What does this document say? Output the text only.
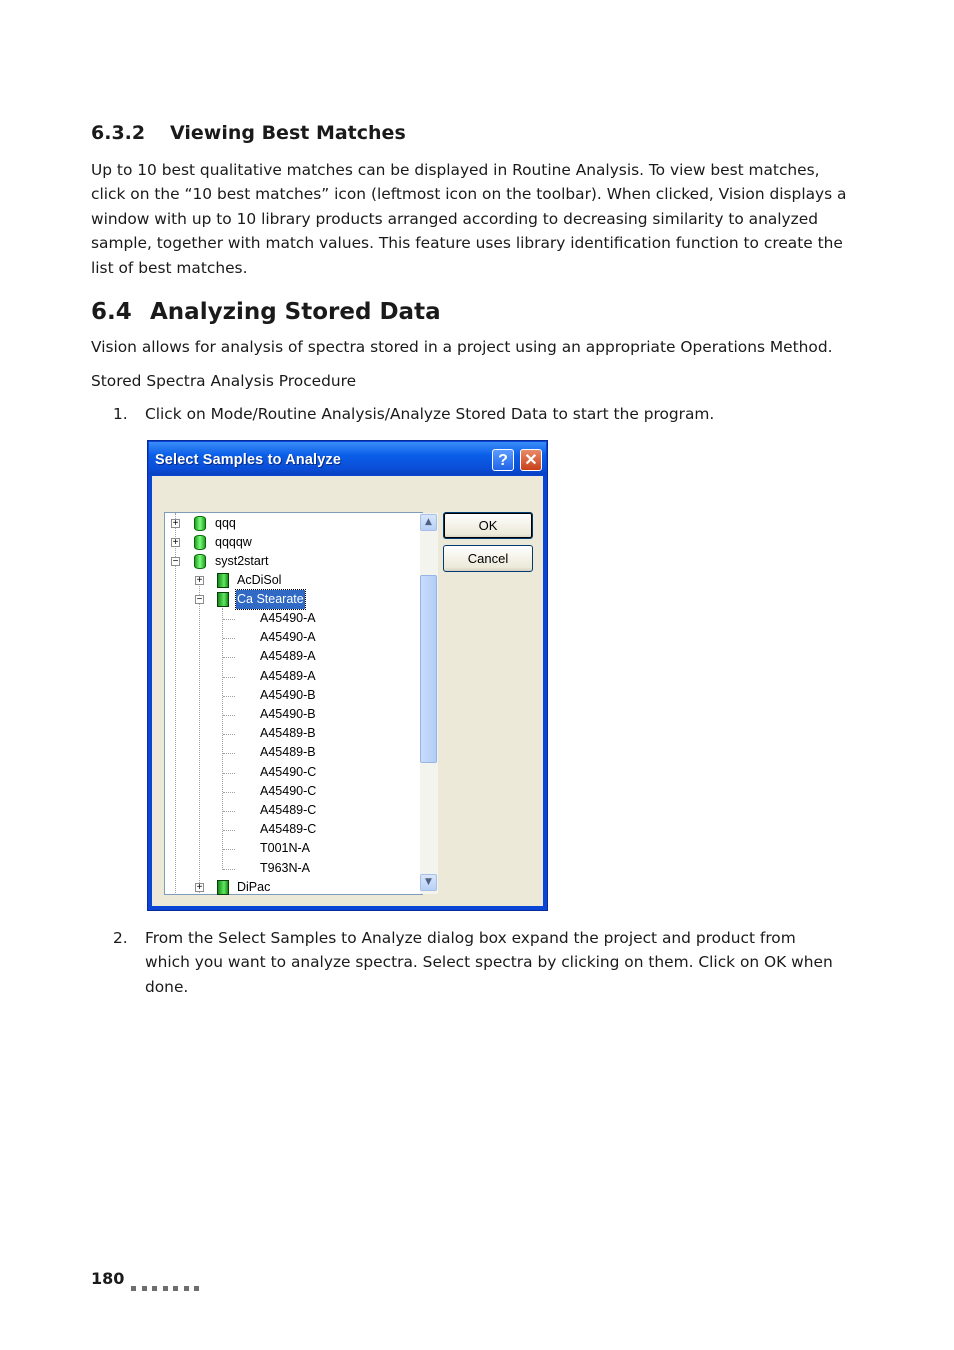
6.3.2 Viewing Best Matches
Up to 10 best qualitative matches can be displayed in Routine Analysis. To view best matches, click on the “10 best matches” icon (leftmost icon on the toolbar). When clicked, Vision displays a window with up to 10 library products arranged according to decreasing similarity to analyzed sample, together with match values. This feature uses library identification function to create the list of best matches.
6.4 Analyzing Stored Data
Vision allows for analysis of spectra stored in a project using an appropriate Operations Method.
Stored Spectra Analysis Procedure
1. Click on Mode/Routine Analysis/Analyze Stored Data to start the program.
Select Samples to Analyze	?	✕
+	qqq
+	qqqqw
−	syst2start
+	AcDiSol
−	Ca Stearate
A45490-A
A45490-A
A45489-A
A45489-A
A45490-B
A45490-B
A45489-B
A45489-B
A45490-C
A45490-C
A45489-C
A45489-C
T001N-A
T963N-A
+	DiPac
▲
▼
OK
Cancel
2. From the Select Samples to Analyze dialog box expand the project and product from which you want to analyze spectra. Select spectra by clicking on them. Click on OK when done.
180
